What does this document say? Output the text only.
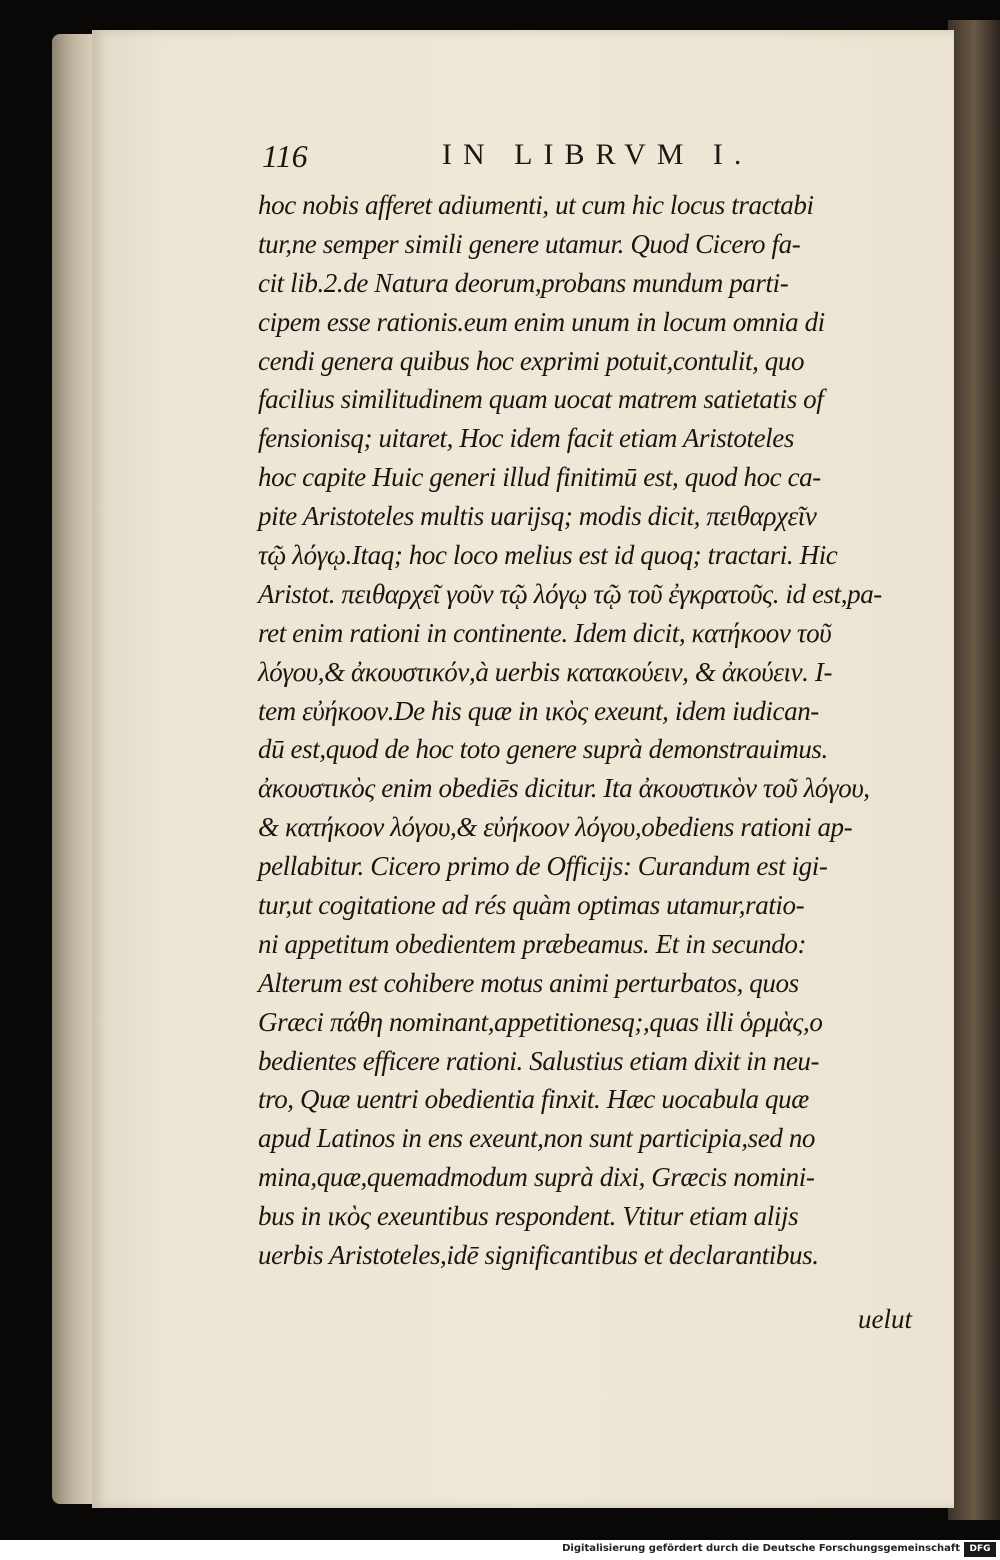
116	IN LIBRVM I.
hoc nobis afferet adiumenti, ut cum hic locus tractabi
tur,ne semper simili genere utamur. Quod Cicero fa-
cit lib.2.de Natura deorum,probans mundum parti-
cipem esse rationis.eum enim unum in locum omnia di
cendi genera quibus hoc exprimi potuit,contulit, quo
facilius similitudinem quam uocat matrem satietatis of
fensionisq; uitaret, Hoc idem facit etiam Aristoteles
hoc capite Huic generi illud finitimū est, quod hoc ca-
pite Aristoteles multis uarijsq; modis dicit, πειθαρχεῖν
τῷ λόγῳ.Itaq; hoc loco melius est id quoq; tractari. Hic
Aristot. πειθαρχεῖ γοῦν τῷ λόγῳ τῷ τοῦ ἐγκρατοῦς. id est,pa-
ret enim rationi in continente. Idem dicit, κατήκοον τοῦ
λόγου,& ἀκουστικόν,à uerbis κατακούειν, & ἀκούειν. I-
tem εὐήκοον.De his quæ in ικὸς exeunt, idem iudican-
dū est,quod de hoc toto genere suprà demonstrauimus.
ἀκουστικὸς enim obediēs dicitur. Ita ἀκουστικὸν τοῦ λόγου,
& κατήκοον λόγου,& εὐήκοον λόγου,obediens rationi ap-
pellabitur. Cicero primo de Officijs: Curandum est igi-
tur,ut cogitatione ad rés quàm optimas utamur,ratio-
ni appetitum obedientem præbeamus. Et in secundo:
Alterum est cohibere motus animi perturbatos, quos
Græci πάθη nominant,appetitionesq;,quas illi ὁρμὰς,o
bedientes efficere rationi. Salustius etiam dixit in neu-
tro, Quæ uentri obedientia finxit. Hæc uocabula quæ
apud Latinos in ens exeunt,non sunt participia,sed no
mina,quæ,quemadmodum suprà dixi, Græcis nomini-
bus in ικὸς exeuntibus respondent. Vtitur etiam alijs
uerbis Aristoteles,idē significantibus et declarantibus.
uelut
Digitalisierung gefördert durch die Deutsche Forschungsgemeinschaft	DFG
